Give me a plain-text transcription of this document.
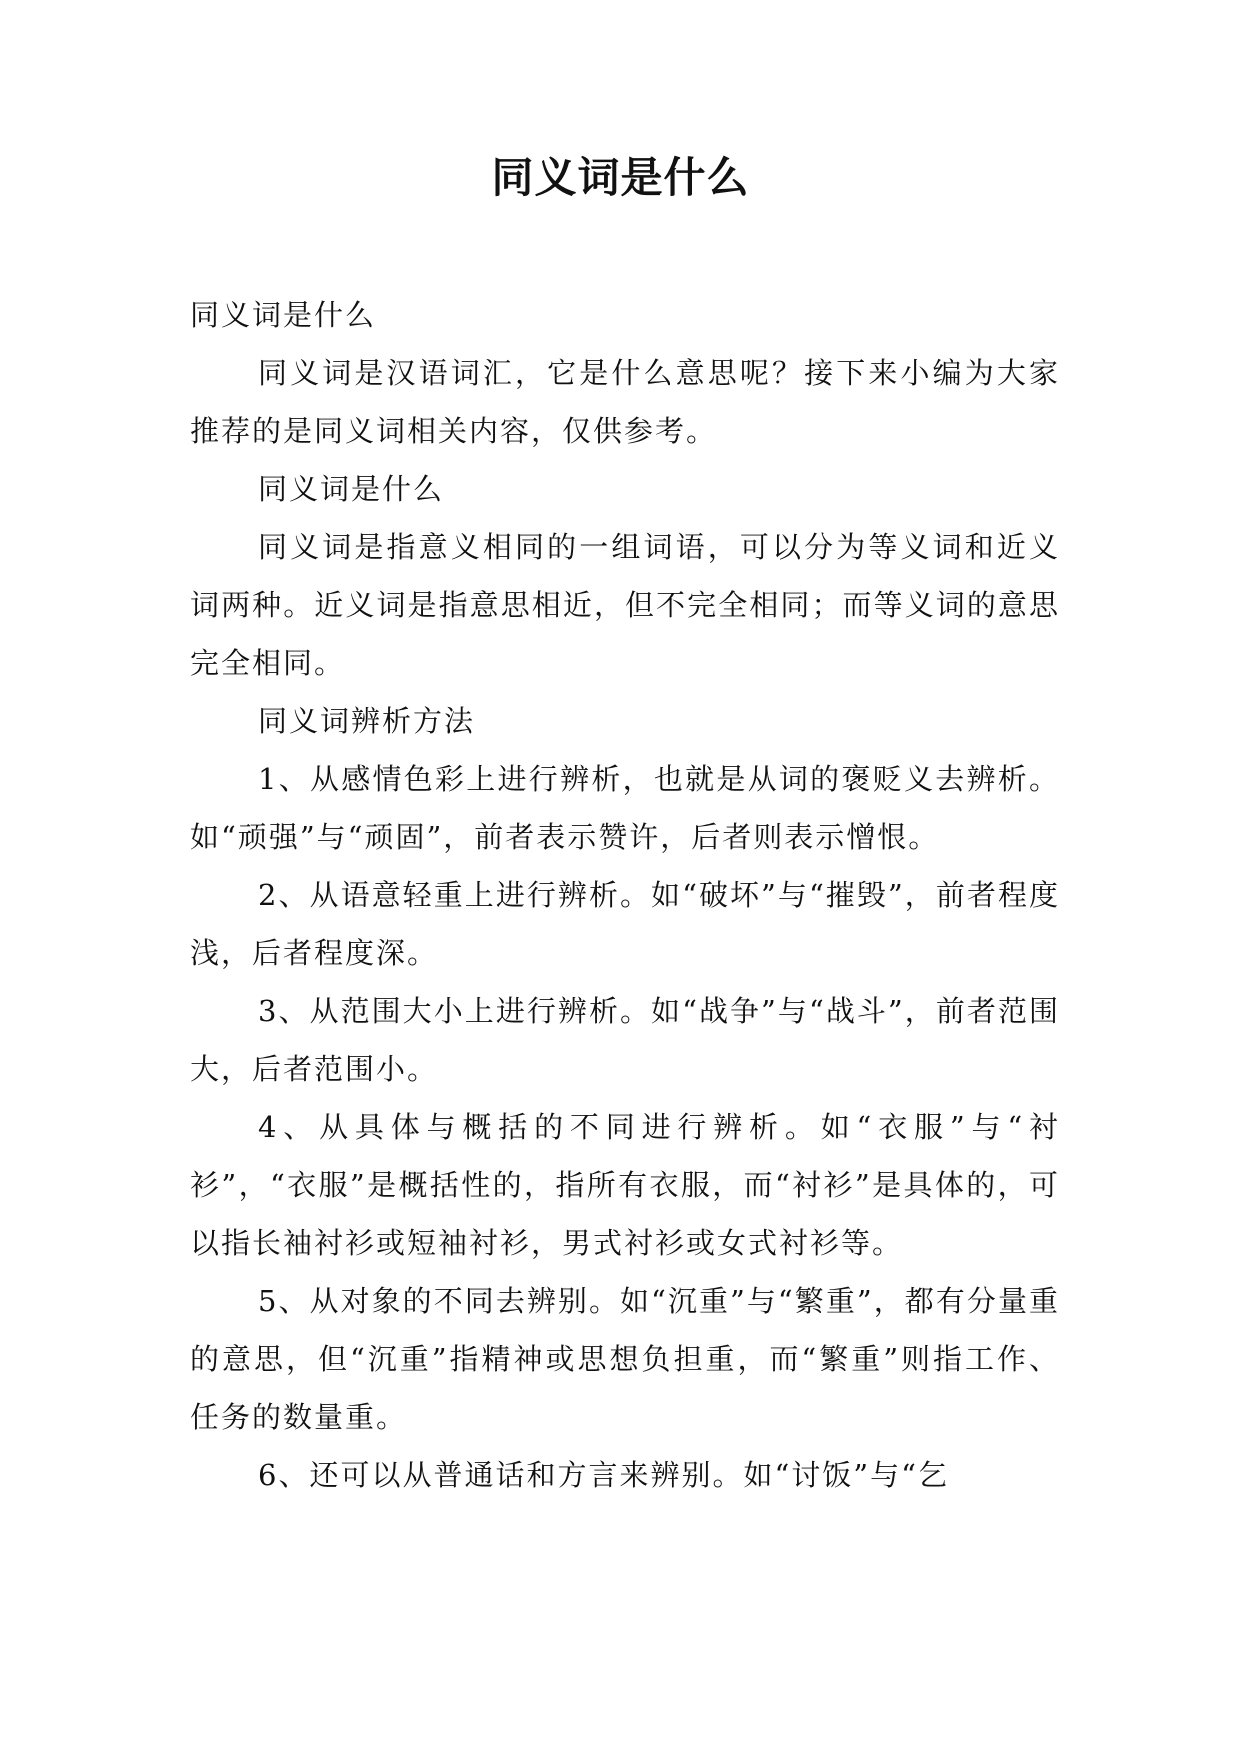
同义词是什么

同义词是什么

同义词是汉语词汇，它是什么意思呢？接下来小编为大家推荐的是同义词相关内容，仅供参考。

同义词是什么

同义词是指意义相同的一组词语，可以分为等义词和近义词两种。近义词是指意思相近，但不完全相同；而等义词的意思完全相同。

同义词辨析方法

1、从感情色彩上进行辨析，也就是从词的褒贬义去辨析。如“顽强”与“顽固”，前者表示赞许，后者则表示憎恨。

2、从语意轻重上进行辨析。如“破坏”与“摧毁”，前者程度浅，后者程度深。

3、从范围大小上进行辨析。如“战争”与“战斗”，前者范围大，后者范围小。

4、从具体与概括的不同进行辨析。如“衣服”与“衬衫”，“衣服”是概括性的，指所有衣服，而“衬衫”是具体的，可以指长袖衬衫或短袖衬衫，男式衬衫或女式衬衫等。

5、从对象的不同去辨别。如“沉重”与“繁重”，都有分量重的意思，但“沉重”指精神或思想负担重，而“繁重”则指工作、任务的数量重。

6、还可以从普通话和方言来辨别。如“讨饭”与“乞
